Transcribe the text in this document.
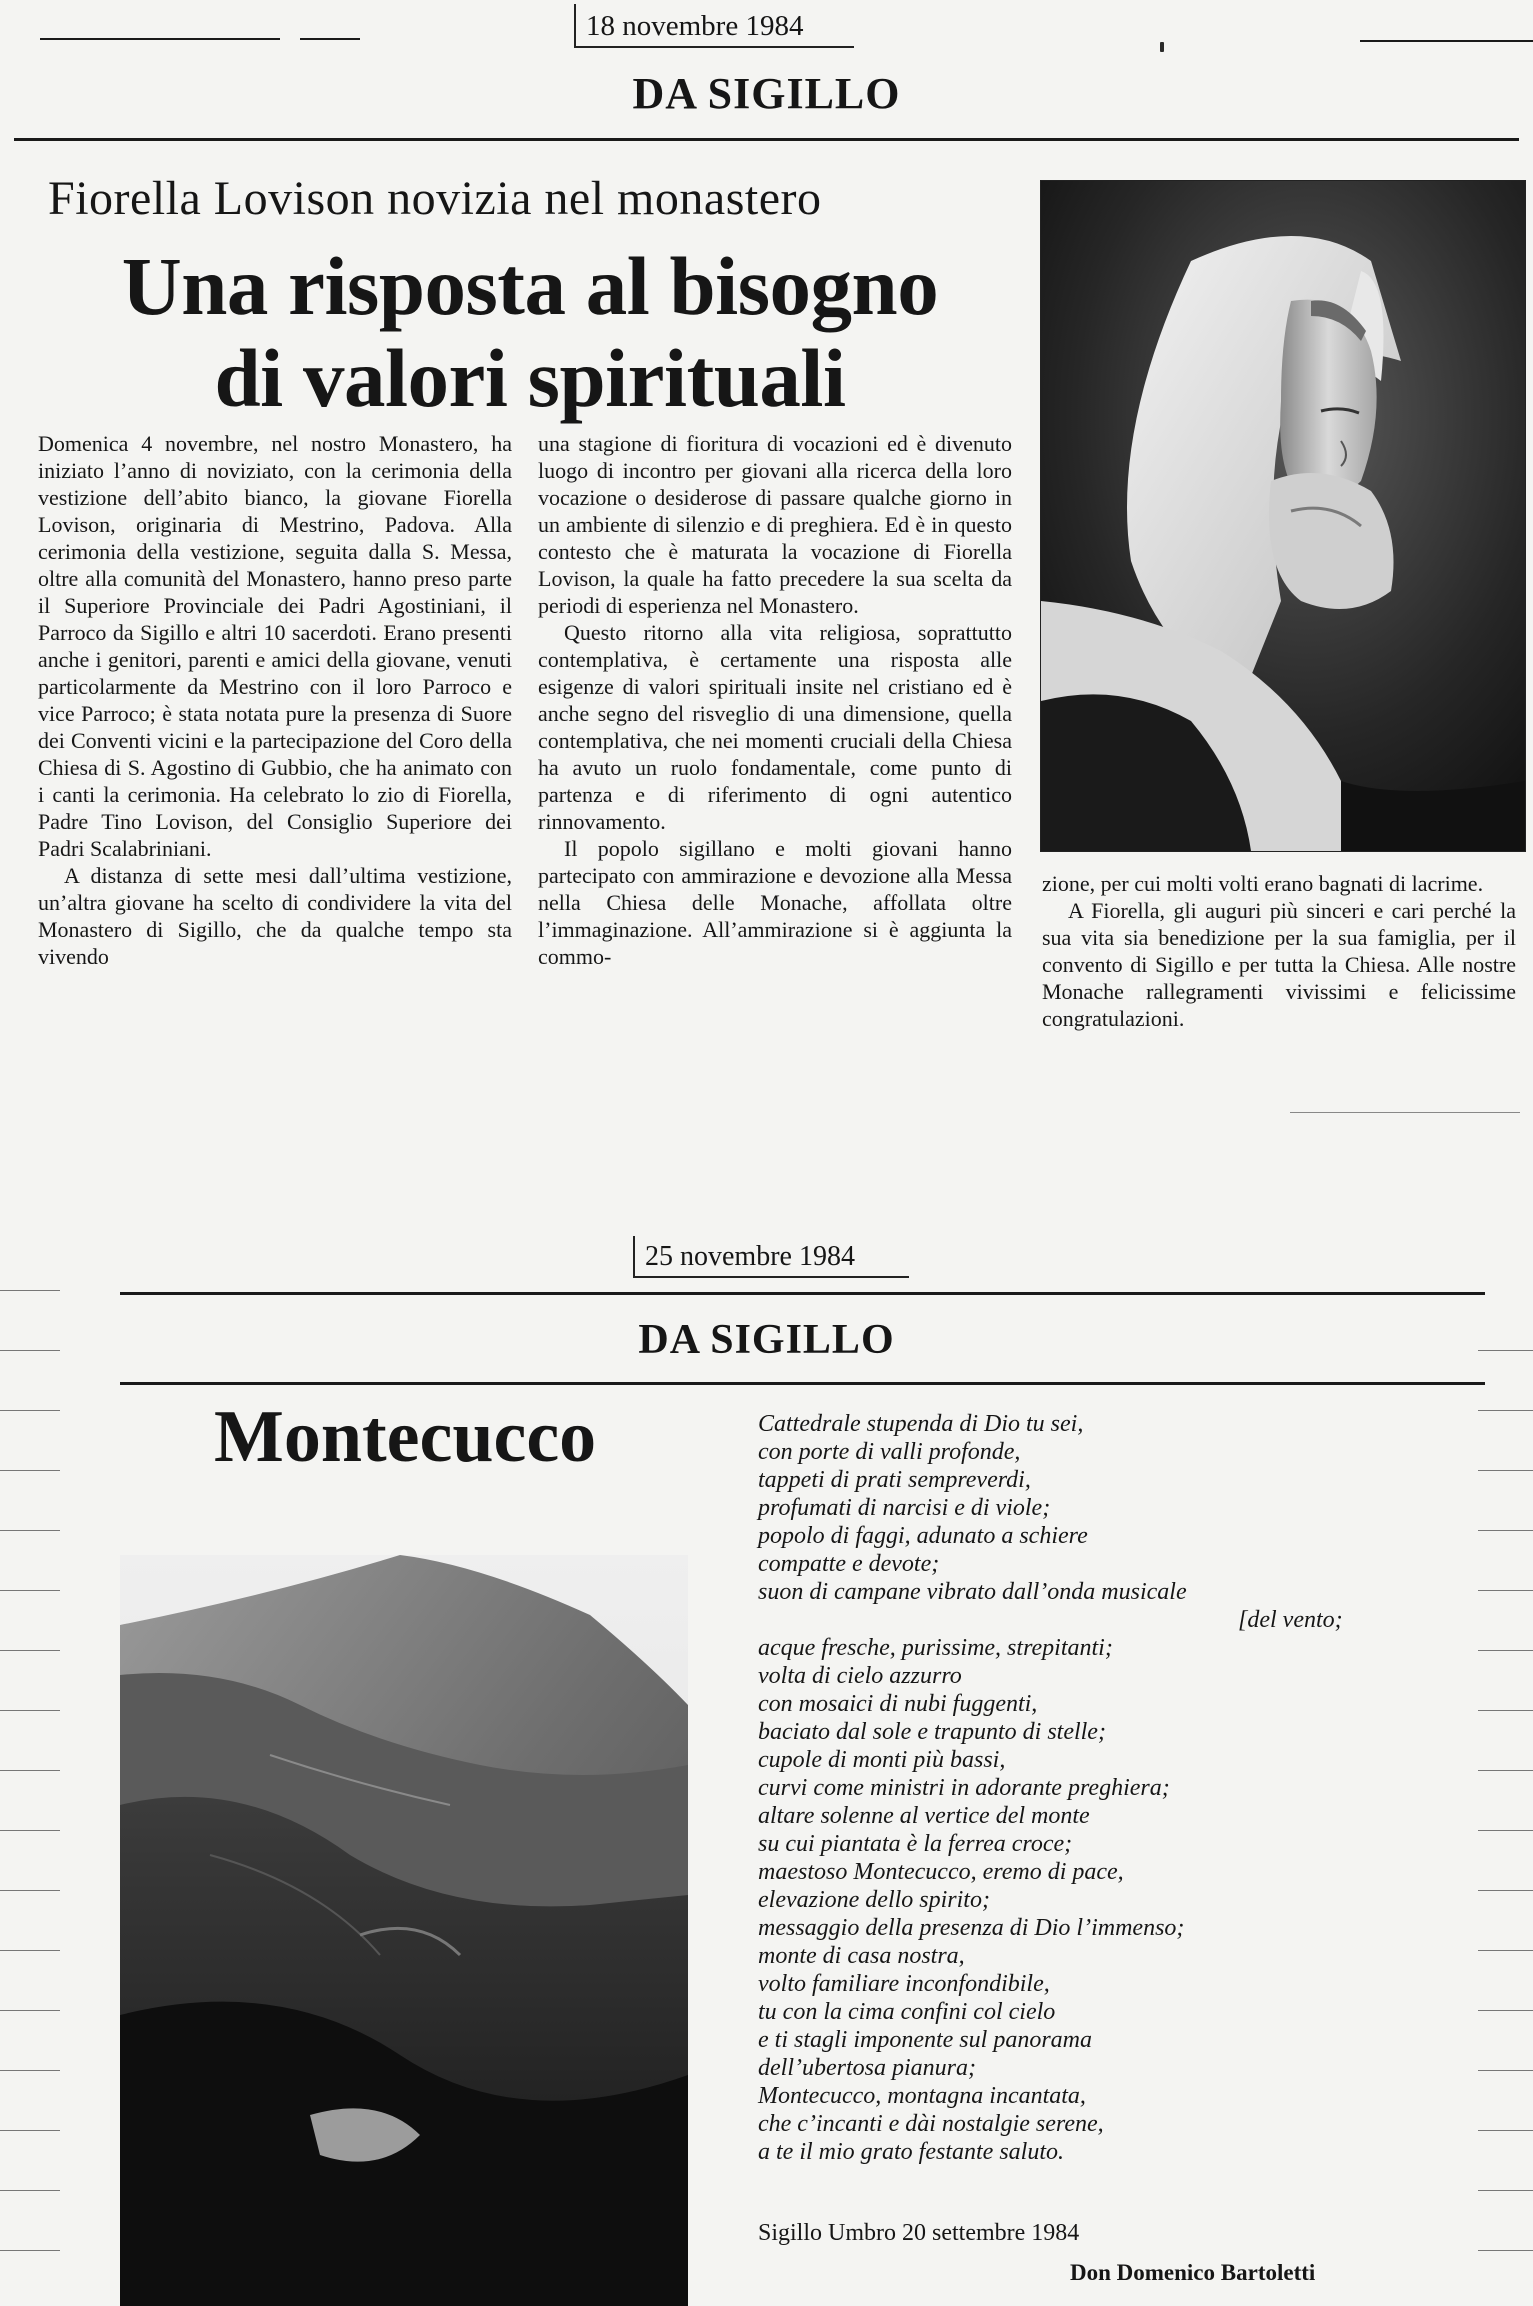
18 novembre 1984
DA SIGILLO
Fiorella Lovison novizia nel monastero
Una risposta al bisogno
di valori spirituali

Domenica 4 novembre, nel nostro Monastero, ha iniziato l’anno di noviziato, con la cerimonia della vestizione dell’abito bianco, la giovane Fiorella Lovison, originaria di Mestrino, Padova. Alla cerimonia della vestizione, seguita dalla S. Messa, oltre alla comunità del Monastero, hanno preso parte il Superiore Provinciale dei Padri Agostiniani, il Parroco da Sigillo e altri 10 sacerdoti. Erano presenti anche i genitori, parenti e amici della giovane, venuti particolarmente da Mestrino con il loro Parroco e vice Parroco; è stata notata pure la presenza di Suore dei Conventi vicini e la partecipazione del Coro della Chiesa di S. Agostino di Gubbio, che ha animato con i canti la cerimonia. Ha celebrato lo zio di Fiorella, Padre Tino Lovison, del Consiglio Superiore dei Padri Scalabriniani.

A distanza di sette mesi dall’ultima vestizione, un’altra giovane ha scelto di condividere la vita del Monastero di Sigillo, che da qualche tempo sta vivendo

una stagione di fioritura di vocazioni ed è divenuto luogo di incontro per giovani alla ricerca della loro vocazione o desiderose di passare qualche giorno in un ambiente di silenzio e di preghiera. Ed è in questo contesto che è maturata la vocazione di Fiorella Lovison, la quale ha fatto precedere la sua scelta da periodi di esperienza nel Monastero.

Questo ritorno alla vita religiosa, soprattutto contemplativa, è certamente una risposta alle esigenze di valori spirituali insite nel cristiano ed è anche segno del risveglio di una dimensione, quella contemplativa, che nei momenti cruciali della Chiesa ha avuto un ruolo fondamentale, come punto di partenza e di riferimento di ogni autentico rinnovamento.

Il popolo sigillano e molti giovani hanno partecipato con ammirazione e devozione alla Messa nella Chiesa delle Monache, affollata oltre l’immaginazione. All’ammirazione si è aggiunta la commo-

zione, per cui molti volti erano bagnati di lacrime.

A Fiorella, gli auguri più sinceri e cari perché la sua vita sia benedizione per la sua famiglia, per il convento di Sigillo e per tutta la Chiesa. Alle nostre Monache rallegramenti vivissimi e felicissime congratulazioni.

25 novembre 1984
DA SIGILLO
Montecucco	Cattedrale stupenda di Dio tu sei,
con porte di valli profonde,
tappeti di prati sempreverdi,
profumati di narcisi e di viole;
popolo di faggi, adunato a schiere
compatte e devote;
suon di campane vibrato dall’onda musicale
[del vento;
acque fresche, purissime, strepitanti;
volta di cielo azzurro
con mosaici di nubi fuggenti,
baciato dal sole e trapunto di stelle;
cupole di monti più bassi,
curvi come ministri in adorante preghiera;
altare solenne al vertice del monte
su cui piantata è la ferrea croce;
maestoso Montecucco, eremo di pace,
elevazione dello spirito;
messaggio della presenza di Dio l’immenso;
monte di casa nostra,
volto familiare inconfondibile,
tu con la cima confini col cielo
e ti stagli imponente sul panorama
dell’ubertosa pianura;
Montecucco, montagna incantata,
che c’incanti e dài nostalgie serene,
a te il mio grato festante saluto.
Sigillo Umbro 20 settembre 1984
Don Domenico Bartoletti
